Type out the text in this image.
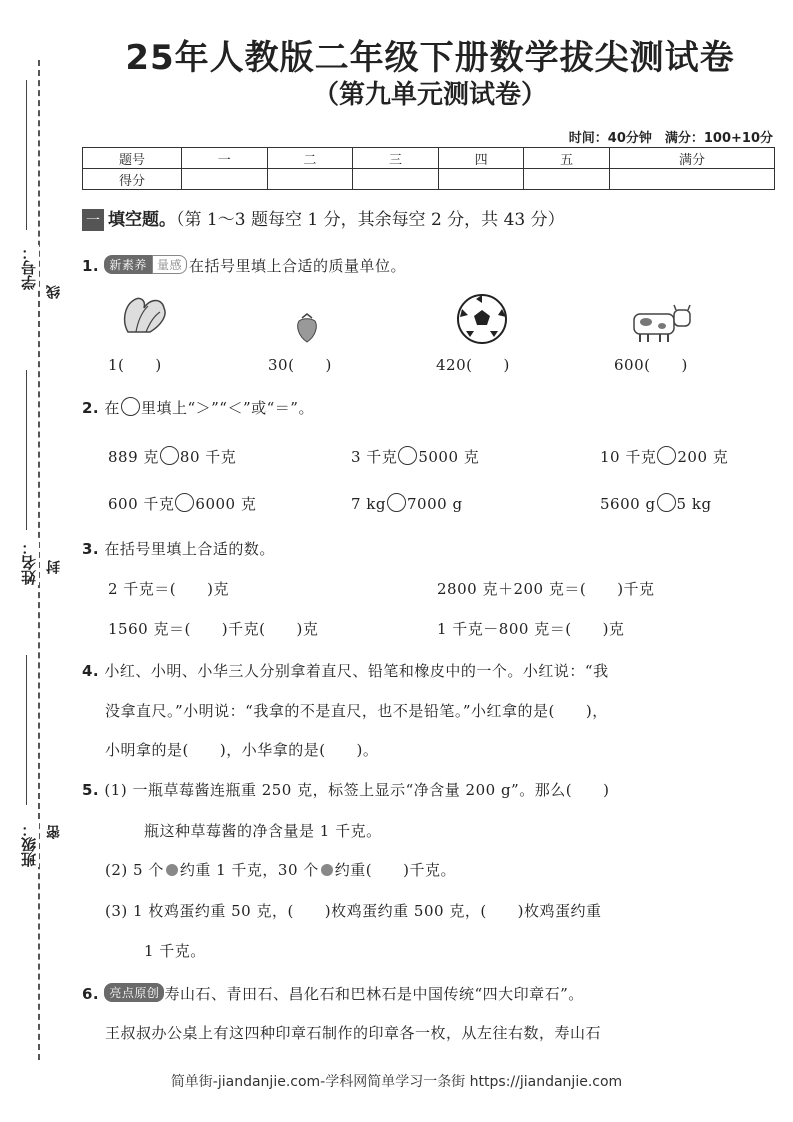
学号：
线
姓名： 封
班级： 密
25年人教版二年级下册数学拔尖测试卷
（第九单元测试卷）
时间：40分钟　满分：100+10分
题号	一	二	三	四	五	满分
得分						
一 填空题。（第 1～3 题每空 1 分，其余每空 2 分，共 43 分）
1. 新素养 量感 在括号里填上合适的质量单位。
1(　　)	30(　　)	420(　　)	600(　　)
2. 在 里填上“＞”“＜”或“＝”。
889 克 80 千克	3 千克 5000 克	10 千克 200 克
600 千克 6000 克	7 kg 7000 g	5600 g 5 kg
3. 在括号里填上合适的数。
2 千克＝(　　)克	2800 克＋200 克＝(　　)千克
1560 克＝(　　)千克(　　)克	1 千克－800 克＝(　　)克
4. 小红、小明、小华三人分别拿着直尺、铅笔和橡皮中的一个。小红说：“我
没拿直尺。”小明说：“我拿的不是直尺，也不是铅笔。”小红拿的是(　　)，
小明拿的是(　　)，小华拿的是(　　)。
5. (1) 一瓶草莓酱连瓶重 250 克，标签上显示“净含量 200 g”。那么(　　)
瓶这种草莓酱的净含量是 1 千克。
(2) 5 个 约重 1 千克，30 个 约重(　　)千克。
(3) 1 枚鸡蛋约重 50 克，(　　)枚鸡蛋约重 500 克，(　　)枚鸡蛋约重
1 千克。
6. 亮点原创 寿山石、青田石、昌化石和巴林石是中国传统“四大印章石”。
王叔叔办公桌上有这四种印章石制作的印章各一枚，从左往右数，寿山石
简单街-jiandanjie.com-学科网简单学习一条街 https://jiandanjie.com
